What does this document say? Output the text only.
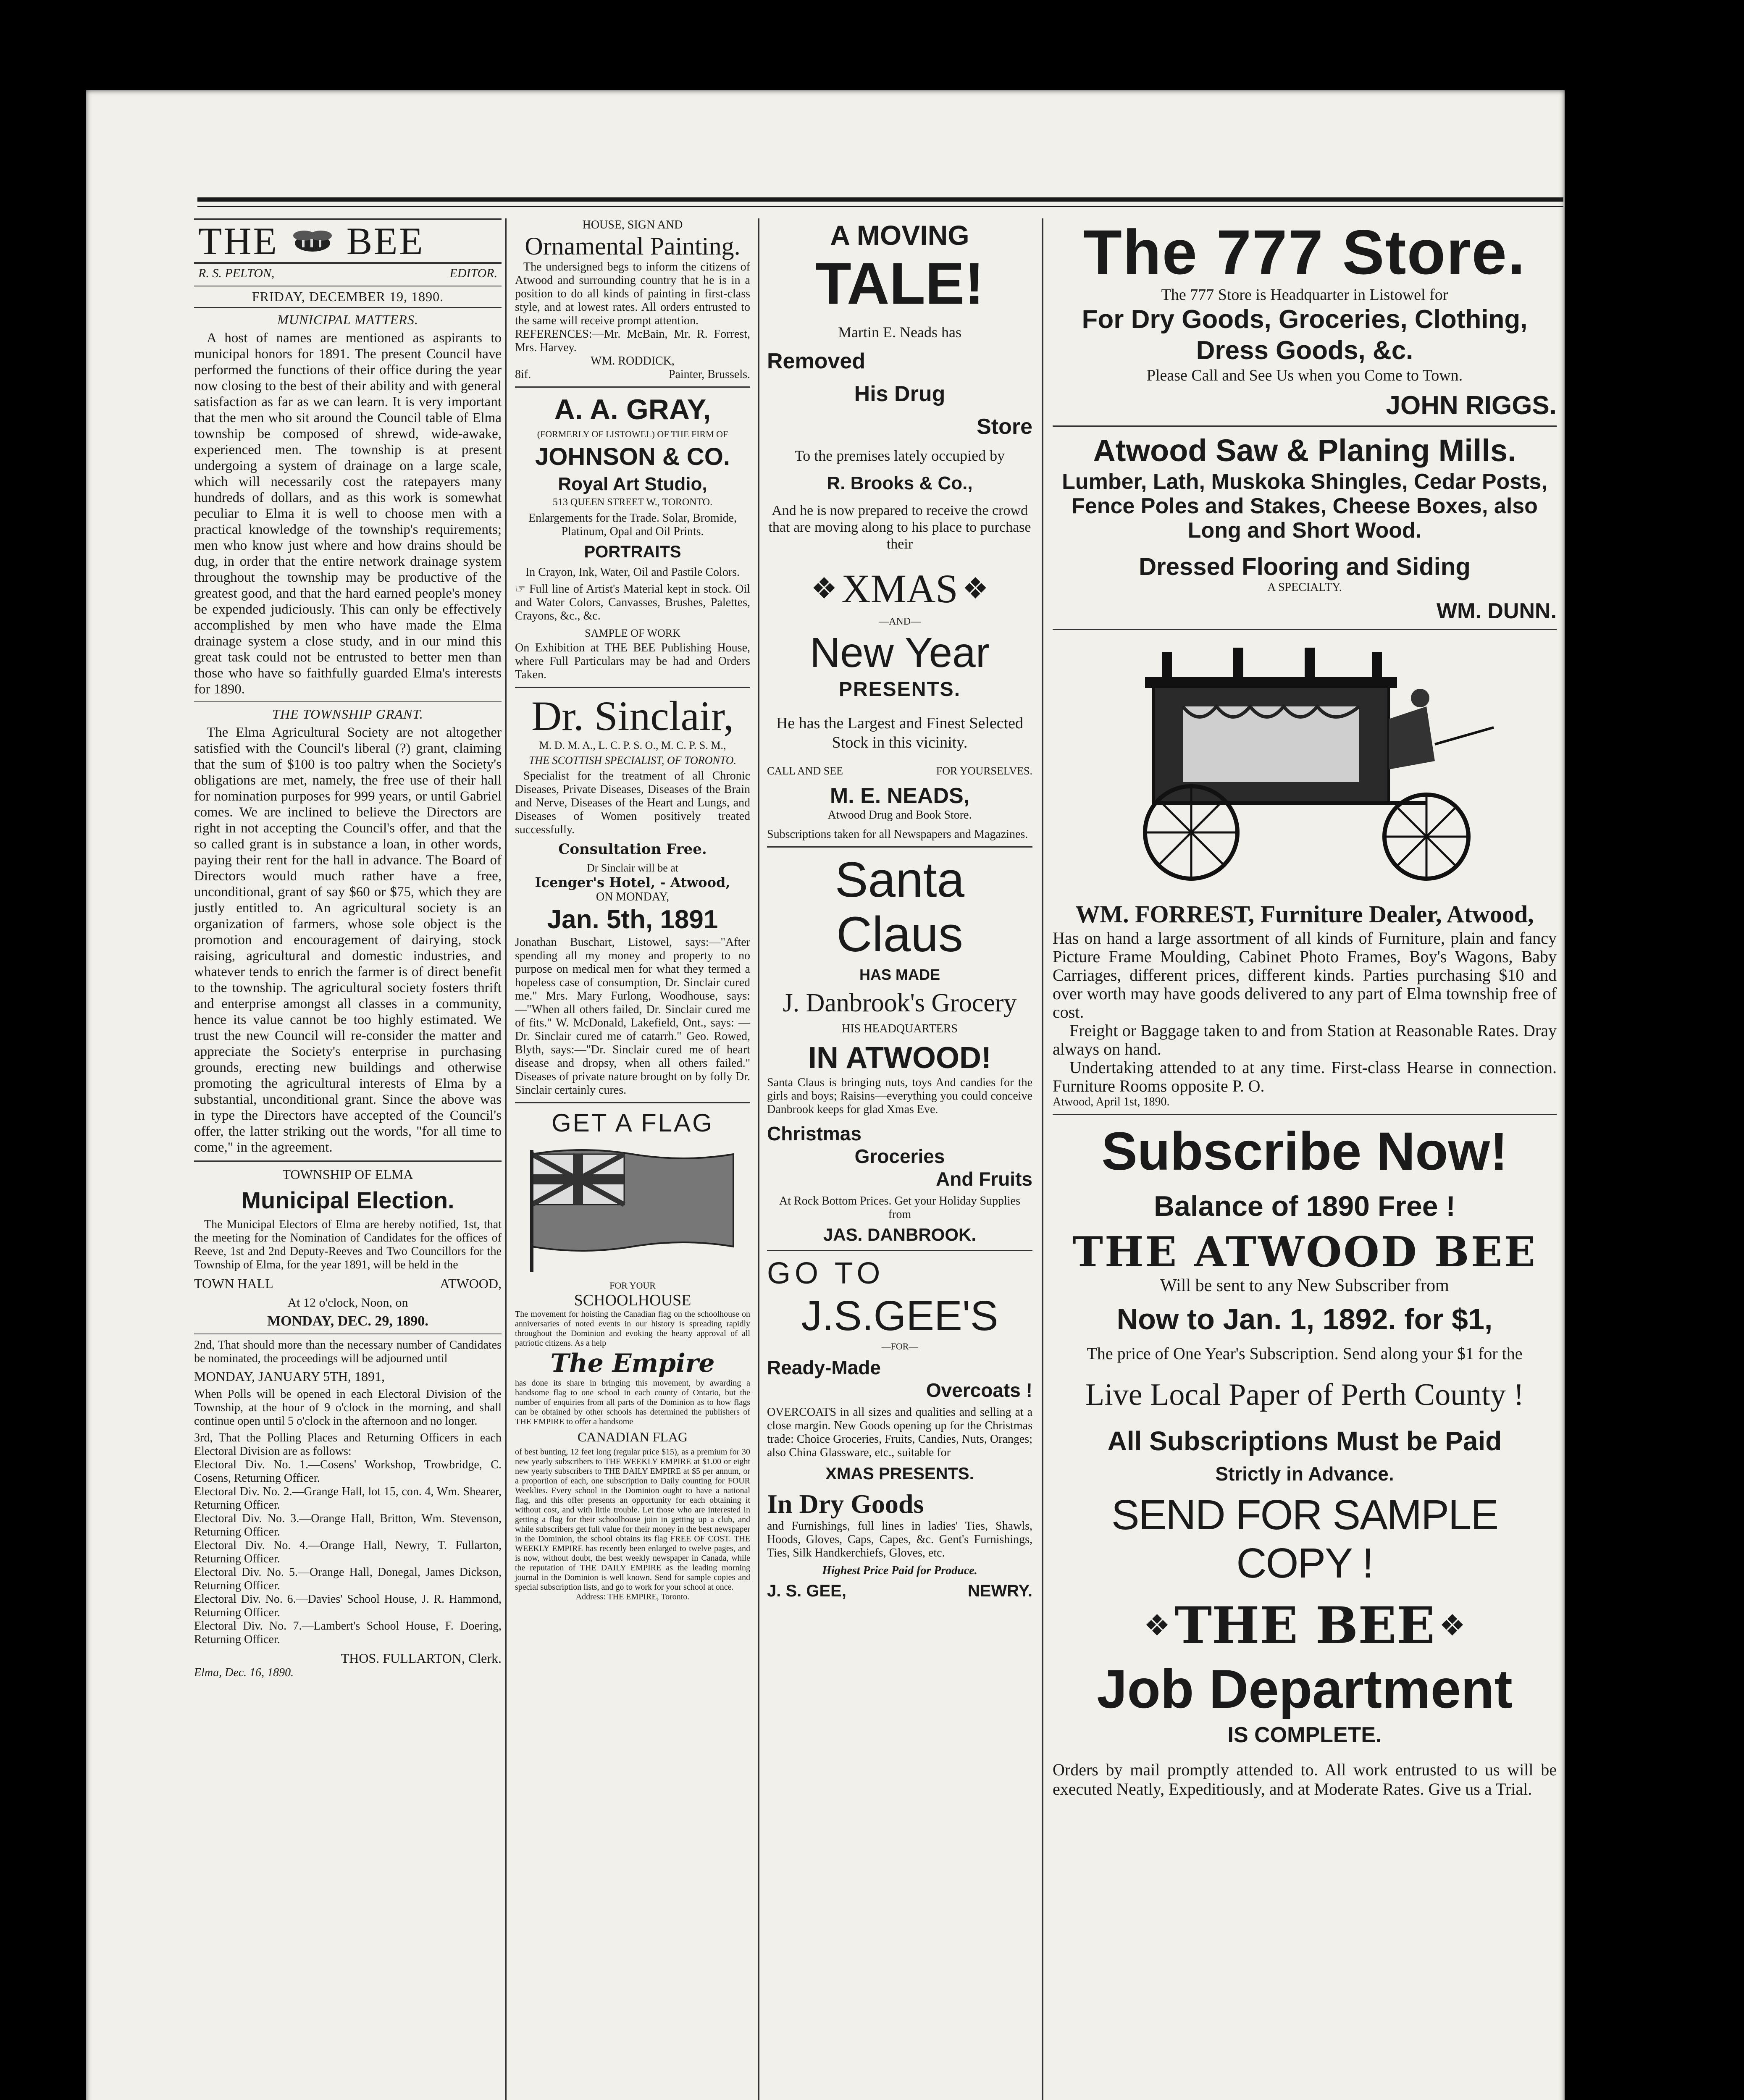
THE BEE
R. S. PELTON,	EDITOR.
FRIDAY, DECEMBER 19, 1890.
MUNICIPAL MATTERS.

A host of names are mentioned as aspirants to municipal honors for 1891. The present Council have performed the functions of their office during the year now closing to the best of their ability and with general satisfaction as far as we can learn. It is very important that the men who sit around the Council table of Elma township be composed of shrewd, wide-awake, experienced men. The township is at present undergoing a system of drainage on a large scale, which will necessarily cost the ratepayers many hundreds of dollars, and as this work is somewhat peculiar to Elma it is well to choose men with a practical knowledge of the township's requirements; men who know just where and how drains should be dug, in order that the entire network drainage system throughout the township may be productive of the greatest good, and that the hard earned people's money be expended judiciously. This can only be effectively accomplished by men who have made the Elma drainage system a close study, and in our mind this great task could not be entrusted to better men than those who have so faithfully guarded Elma's interests for 1890.

THE TOWNSHIP GRANT.

The Elma Agricultural Society are not altogether satisfied with the Council's liberal (?) grant, claiming that the sum of $100 is too paltry when the Society's obligations are met, namely, the free use of their hall for nomination purposes for 999 years, or until Gabriel comes. We are inclined to believe the Directors are right in not accepting the Council's offer, and that the so called grant is in substance a loan, in other words, paying their rent for the hall in advance. The Board of Directors would much rather have a free, unconditional, grant of say $60 or $75, which they are justly entitled to. An agricultural society is an organization of farmers, whose sole object is the promotion and encouragement of dairying, stock raising, agricultural and domestic industries, and whatever tends to enrich the farmer is of direct benefit to the township. The agricultural society fosters thrift and enterprise amongst all classes in a community, hence its value cannot be too highly estimated. We trust the new Council will re-consider the matter and appreciate the Society's enterprise in purchasing grounds, erecting new buildings and otherwise promoting the agricultural interests of Elma by a substantial, unconditional grant. Since the above was in type the Directors have accepted of the Council's offer, the latter striking out the words, "for all time to come," in the agreement.

TOWNSHIP OF ELMA
Municipal Election.

The Municipal Electors of Elma are hereby notified, 1st, that the meeting for the Nomination of Candidates for the offices of Reeve, 1st and 2nd Deputy-Reeves and Two Councillors for the Township of Elma, for the year 1891, will be held in the

TOWN HALL	ATWOOD,
At 12 o'clock, Noon, on
MONDAY, DEC. 29, 1890.

2nd, That should more than the necessary number of Candidates be nominated, the proceedings will be adjourned until

MONDAY, JANUARY 5TH, 1891,

When Polls will be opened in each Electoral Division of the Township, at the hour of 9 o'clock in the morning, and shall continue open until 5 o'clock in the afternoon and no longer.

3rd, That the Polling Places and Returning Officers in each Electoral Division are as follows:

Electoral Div. No. 1.—Cosens' Workshop, Trowbridge, C. Cosens, Returning Officer.

Electoral Div. No. 2.—Grange Hall, lot 15, con. 4, Wm. Shearer, Returning Officer.

Electoral Div. No. 3.—Orange Hall, Britton, Wm. Stevenson, Returning Officer.

Electoral Div. No. 4.—Orange Hall, Newry, T. Fullarton, Returning Officer.

Electoral Div. No. 5.—Orange Hall, Donegal, James Dickson, Returning Officer.

Electoral Div. No. 6.—Davies' School House, J. R. Hammond, Returning Officer.

Electoral Div. No. 7.—Lambert's School House, F. Doering, Returning Officer.

THOS. FULLARTON, Clerk.
Elma, Dec. 16, 1890.
HOUSE, SIGN AND
Ornamental Painting.

The undersigned begs to inform the citizens of Atwood and surrounding country that he is in a position to do all kinds of painting in first-class style, and at lowest rates. All orders entrusted to the same will receive prompt attention.

REFERENCES:—Mr. McBain, Mr. R. Forrest, Mrs. Harvey.

WM. RODDICK,
8if.	Painter, Brussels.
A. A. GRAY,
(FORMERLY OF LISTOWEL) OF THE FIRM OF
JOHNSON & CO.
Royal Art Studio,
513 QUEEN STREET W., TORONTO.

Enlargements for the Trade. Solar, Bromide, Platinum, Opal and Oil Prints.

PORTRAITS

In Crayon, Ink, Water, Oil and Pastile Colors.

☞ Full line of Artist's Material kept in stock. Oil and Water Colors, Canvasses, Brushes, Palettes, Crayons, &c., &c.

SAMPLE OF WORK

On Exhibition at THE BEE Publishing House, where Full Particulars may be had and Orders Taken.

Dr. Sinclair,
M. D. M. A., L. C. P. S. O., M. C. P. S. M.,
THE SCOTTISH SPECIALIST, OF TORONTO.

Specialist for the treatment of all Chronic Diseases, Private Diseases, Diseases of the Brain and Nerve, Diseases of the Heart and Lungs, and Diseases of Women positively treated successfully.

Consultation Free.
Dr Sinclair will be at
Icenger's Hotel, - Atwood,
ON MONDAY,
Jan. 5th, 1891

Jonathan Buschart, Listowel, says:—"After spending all my money and property to no purpose on medical men for what they termed a hopeless case of consumption, Dr. Sinclair cured me." Mrs. Mary Furlong, Woodhouse, says: —"When all others failed, Dr. Sinclair cured me of fits." W. McDonald, Lakefield, Ont., says: —Dr. Sinclair cured me of catarrh." Geo. Rowed, Blyth, says:—"Dr. Sinclair cured me of heart disease and dropsy, when all others failed." Diseases of private nature brought on by folly Dr. Sinclair certainly cures.

GET A FLAG
FOR YOUR
SCHOOLHOUSE

The movement for hoisting the Canadian flag on the schoolhouse on anniversaries of noted events in our history is spreading rapidly throughout the Dominion and evoking the hearty approval of all patriotic citizens. As a help

The Empire

has done its share in bringing this movement, by awarding a handsome flag to one school in each county of Ontario, but the number of enquiries from all parts of the Dominion as to how flags can be obtained by other schools has determined the publishers of THE EMPIRE to offer a handsome

CANADIAN FLAG

of best bunting, 12 feet long (regular price $15), as a premium for 30 new yearly subscribers to THE WEEKLY EMPIRE at $1.00 or eight new yearly subscribers to THE DAILY EMPIRE at $5 per annum, or a proportion of each, one subscription to Daily counting for FOUR Weeklies. Every school in the Dominion ought to have a national flag, and this offer presents an opportunity for each obtaining it without cost, and with little trouble. Let those who are interested in getting a flag for their schoolhouse join in getting up a club, and while subscribers get full value for their money in the best newspaper in the Dominion, the school obtains its flag FREE OF COST. THE WEEKLY EMPIRE has recently been enlarged to twelve pages, and is now, without doubt, the best weekly newspaper in Canada, while the reputation of THE DAILY EMPIRE as the leading morning journal in the Dominion is well known. Send for sample copies and special subscription lists, and go to work for your school at once.

Address: THE EMPIRE, Toronto.
A MOVING
TALE!
Martin E. Neads has
Removed
His Drug
Store
To the premises lately occupied by
R. Brooks & Co.,
And he is now prepared to receive the crowd that are moving along to his place to purchase their
❖ XMAS ❖
—AND—
New Year
PRESENTS.
He has the Largest and Finest Selected Stock in this vicinity.
CALL AND SEE	FOR YOURSELVES.
M. E. NEADS,
Atwood Drug and Book Store.

Subscriptions taken for all Newspapers and Magazines.

Santa Claus
HAS MADE
J. Danbrook's Grocery
HIS HEADQUARTERS
IN ATWOOD!

Santa Claus is bringing nuts, toys And candies for the girls and boys; Raisins—everything you could conceive Danbrook keeps for glad Xmas Eve.

Christmas
Groceries
And Fruits

At Rock Bottom Prices. Get your Holiday Supplies from

JAS. DANBROOK.
GO TO
J.S.GEE'S
—FOR—
Ready-Made
Overcoats !

OVERCOATS in all sizes and qualities and selling at a close margin. New Goods opening up for the Christmas trade: Choice Groceries, Fruits, Candies, Nuts, Oranges; also China Glassware, etc., suitable for

XMAS PRESENTS.
In Dry Goods

and Furnishings, full lines in ladies' Ties, Shawls, Hoods, Gloves, Caps, Capes, &c. Gent's Furnishings, Ties, Silk Handkerchiefs, Gloves, etc.

Highest Price Paid for Produce.
J. S. GEE,	NEWRY.
The 777 Store.
The 777 Store is Headquarter in Listowel for
For Dry Goods, Groceries, Clothing,
Dress Goods, &c.
Please Call and See Us when you Come to Town.
JOHN RIGGS.
Atwood Saw & Planing Mills.
Lumber, Lath, Muskoka Shingles, Cedar Posts, Fence Poles and Stakes, Cheese Boxes, also Long and Short Wood.
Dressed Flooring and Siding
A SPECIALTY.
WM. DUNN.
WM. FORREST, Furniture Dealer, Atwood,

Has on hand a large assortment of all kinds of Furniture, plain and fancy Picture Frame Moulding, Cabinet Photo Frames, Boy's Wagons, Baby Carriages, different prices, different kinds. Parties purchasing $10 and over worth may have goods delivered to any part of Elma township free of cost.

Freight or Baggage taken to and from Station at Reasonable Rates. Dray always on hand.

Undertaking attended to at any time. First-class Hearse in connection. Furniture Rooms opposite P. O.

Atwood, April 1st, 1890.
Subscribe Now!
Balance of 1890 Free !
THE ATWOOD BEE
Will be sent to any New Subscriber from
Now to Jan. 1, 1892. for $1,
The price of One Year's Subscription. Send along your $1 for the
Live Local Paper of Perth County !
All Subscriptions Must be Paid
Strictly in Advance.
SEND FOR SAMPLE COPY !
❖ THE BEE ❖
Job Department
IS COMPLETE.

Orders by mail promptly attended to. All work entrusted to us will be executed Neatly, Expeditiously, and at Moderate Rates. Give us a Trial.
